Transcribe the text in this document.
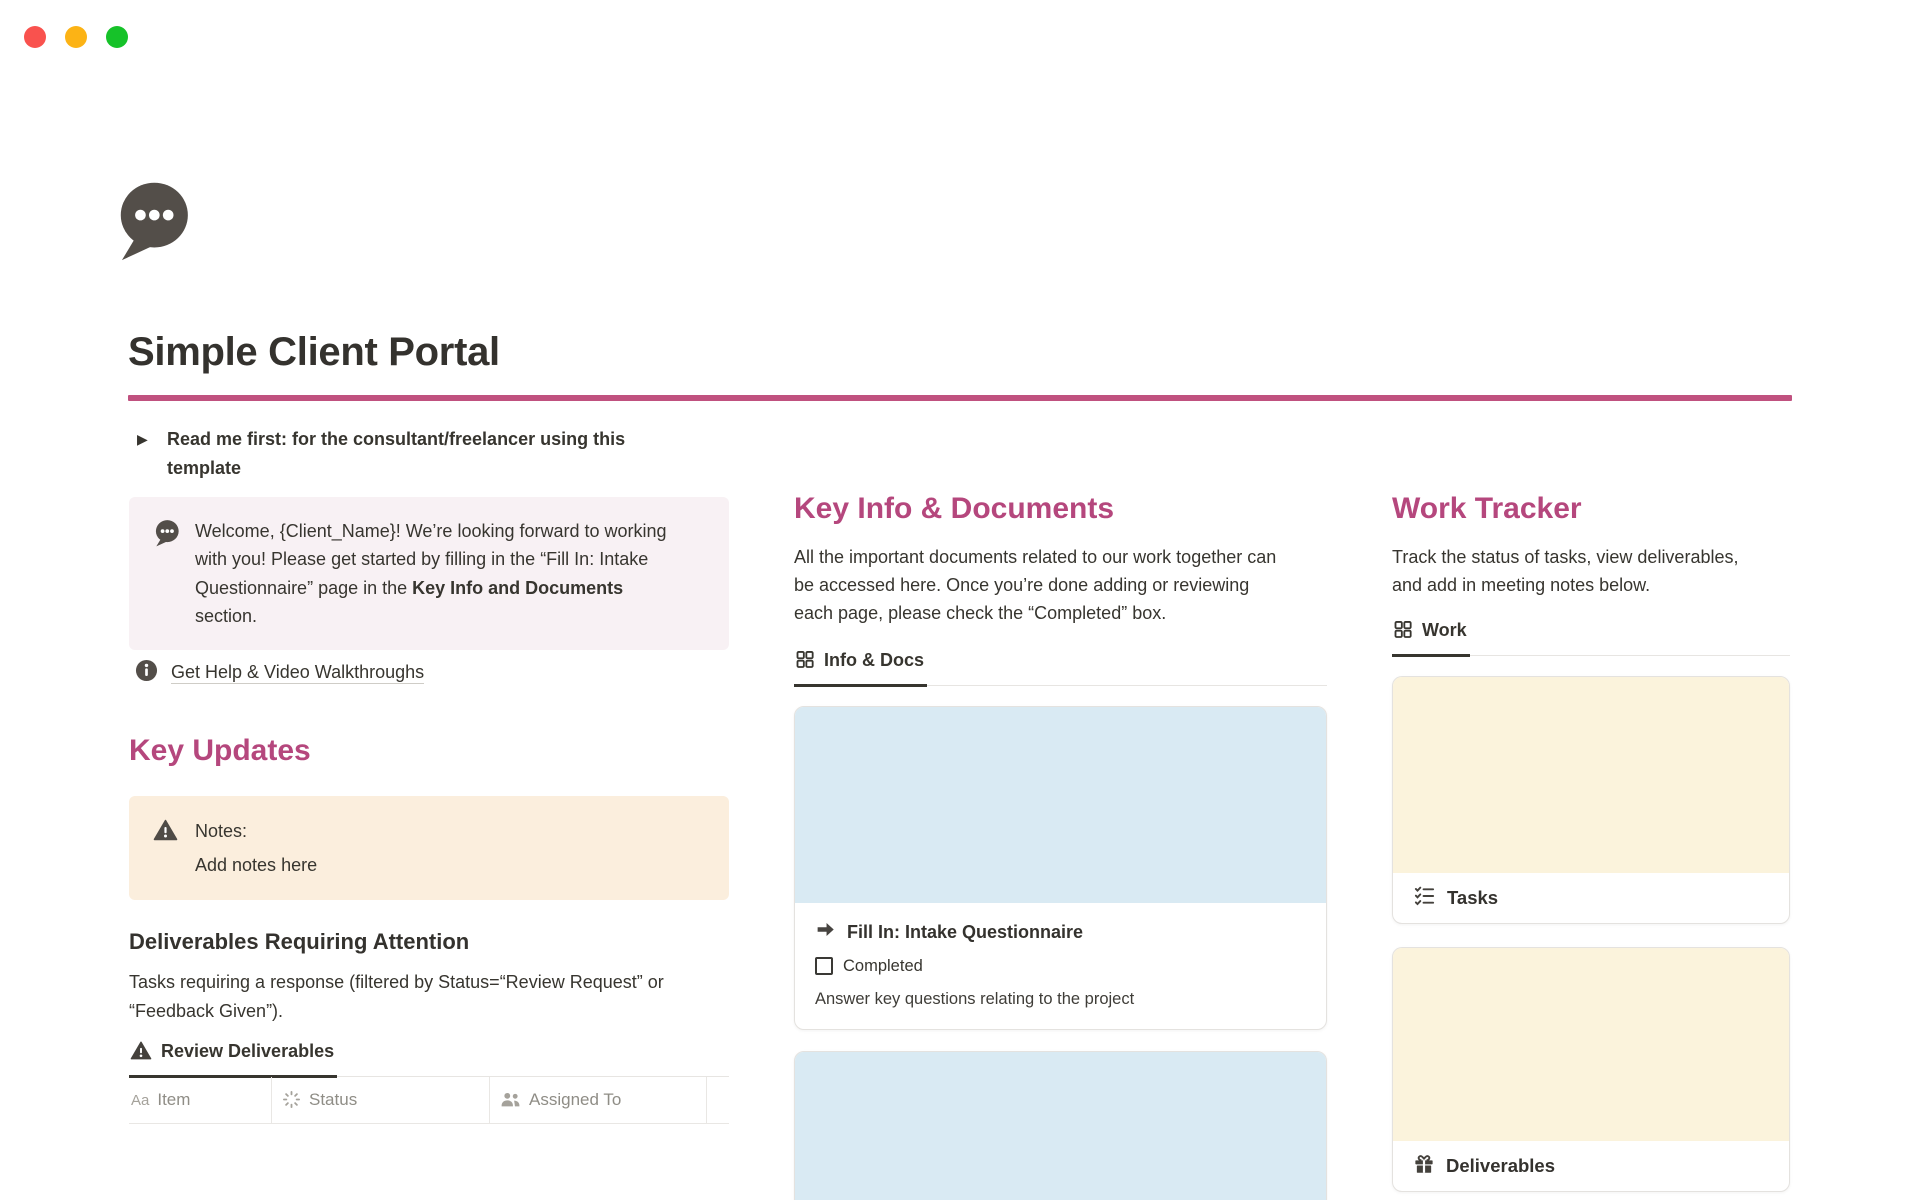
Simple Client Portal
▶	Read me first: for the consultant/freelancer using this
template
Welcome, {Client_Name}! We’re looking forward to working
with you! Please get started by filling in the “Fill In: Intake
Questionnaire” page in the Key Info and Documents
section.
Get Help & Video Walkthroughs
Key Updates
Notes:
Add notes here
Deliverables Requiring Attention
Tasks requiring a response (filtered by Status=“Review Request” or
“Feedback Given”).
Review Deliverables
Aa Item	Status	Assigned To
Key Info & Documents
All the important documents related to our work together can
be accessed here. Once you’re done adding or reviewing
each page, please check the “Completed” box.
Info & Docs
Fill In: Intake Questionnaire
Completed
Answer key questions relating to the project
Work Tracker
Track the status of tasks, view deliverables,
and add in meeting notes below.
Work
Tasks
Deliverables
